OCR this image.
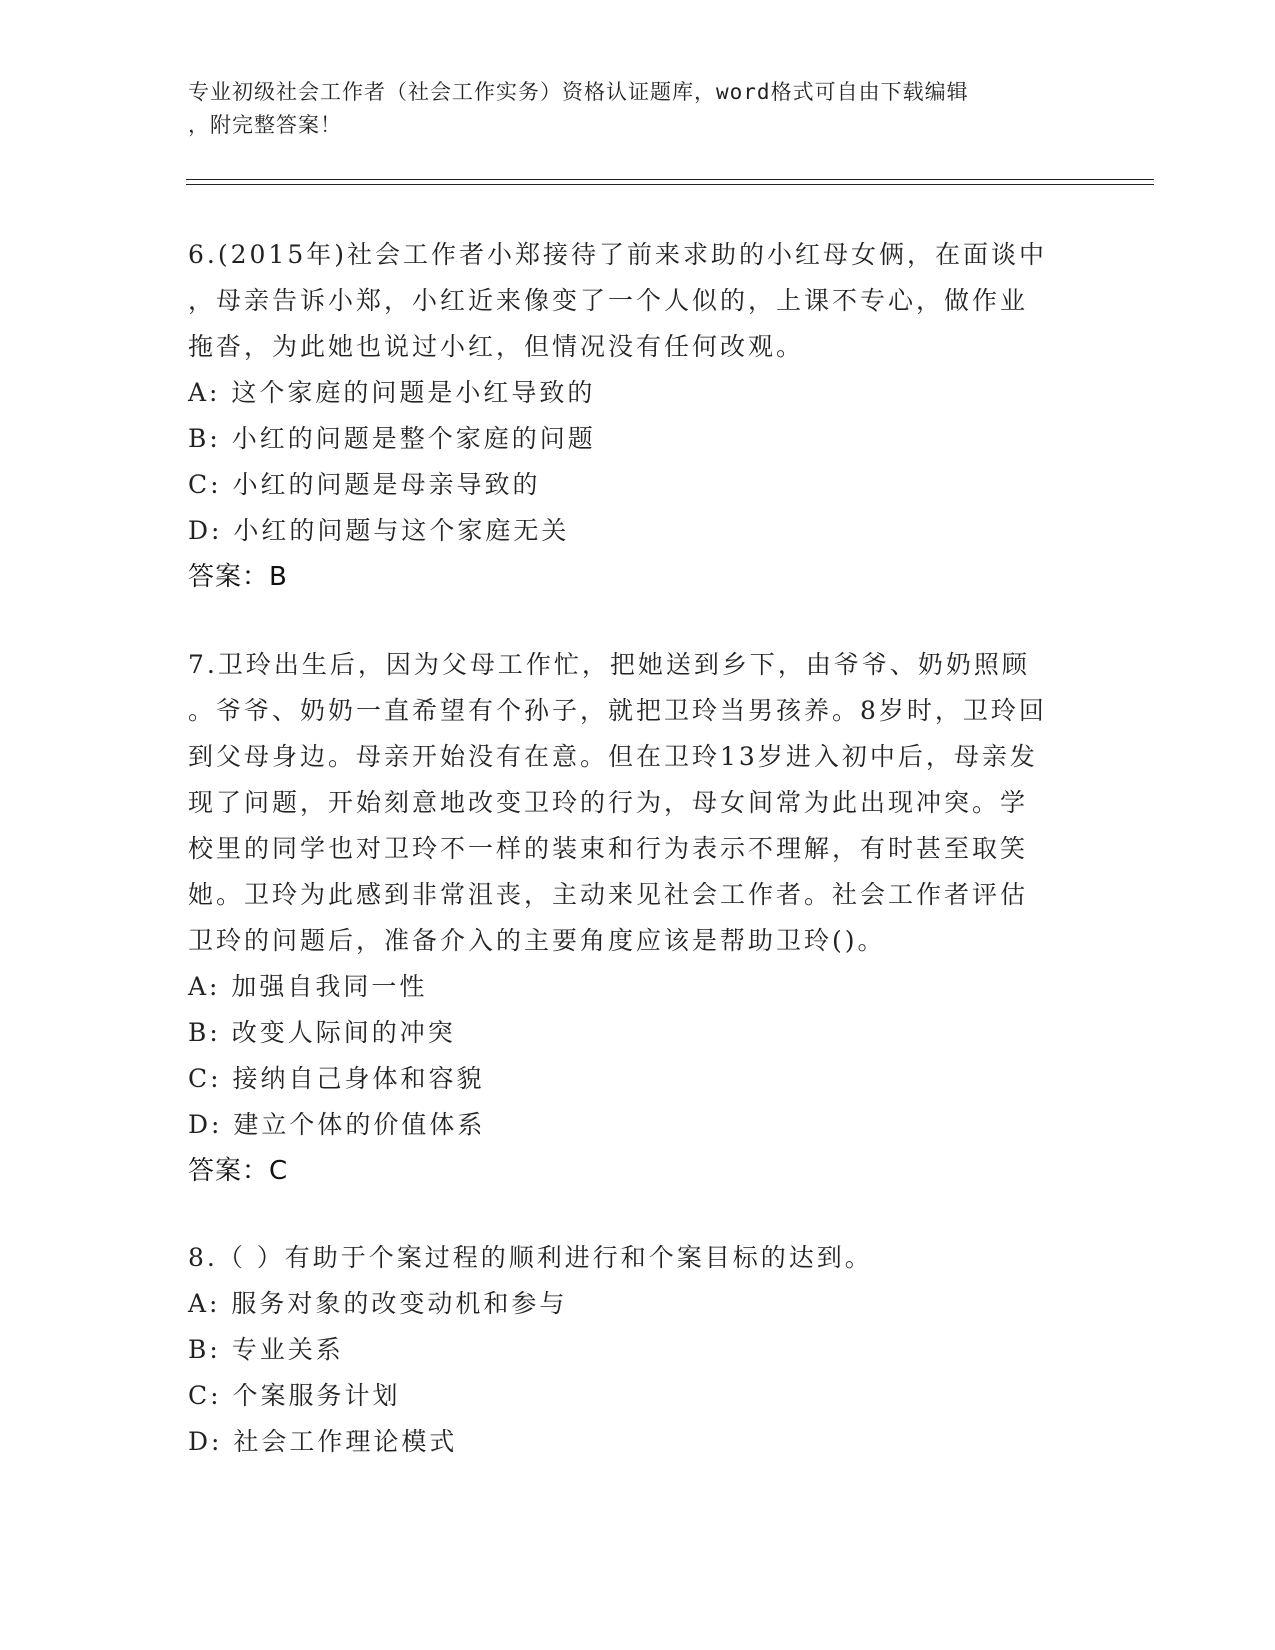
专业初级社会工作者（社会工作实务）资格认证题库，word格式可自由下载编辑
，附完整答案！
6.(2015年)社会工作者小郑接待了前来求助的小红母女俩，在面谈中
，母亲告诉小郑，小红近来像变了一个人似的，上课不专心，做作业
拖沓，为此她也说过小红，但情况没有任何改观。
A: 这个家庭的问题是小红导致的
B: 小红的问题是整个家庭的问题
C: 小红的问题是母亲导致的
D: 小红的问题与这个家庭无关
答案：B
7.卫玲出生后，因为父母工作忙，把她送到乡下，由爷爷、奶奶照顾
。爷爷、奶奶一直希望有个孙子，就把卫玲当男孩养。8岁时，卫玲回
到父母身边。母亲开始没有在意。但在卫玲13岁进入初中后，母亲发
现了问题，开始刻意地改变卫玲的行为，母女间常为此出现冲突。学
校里的同学也对卫玲不一样的装束和行为表示不理解，有时甚至取笑
她。卫玲为此感到非常沮丧，主动来见社会工作者。社会工作者评估
卫玲的问题后，准备介入的主要角度应该是帮助卫玲()。
A: 加强自我同一性
B: 改变人际间的冲突
C: 接纳自己身体和容貌
D: 建立个体的价值体系
答案：C
8.（ ）有助于个案过程的顺利进行和个案目标的达到。
A: 服务对象的改变动机和参与
B: 专业关系
C: 个案服务计划
D: 社会工作理论模式
